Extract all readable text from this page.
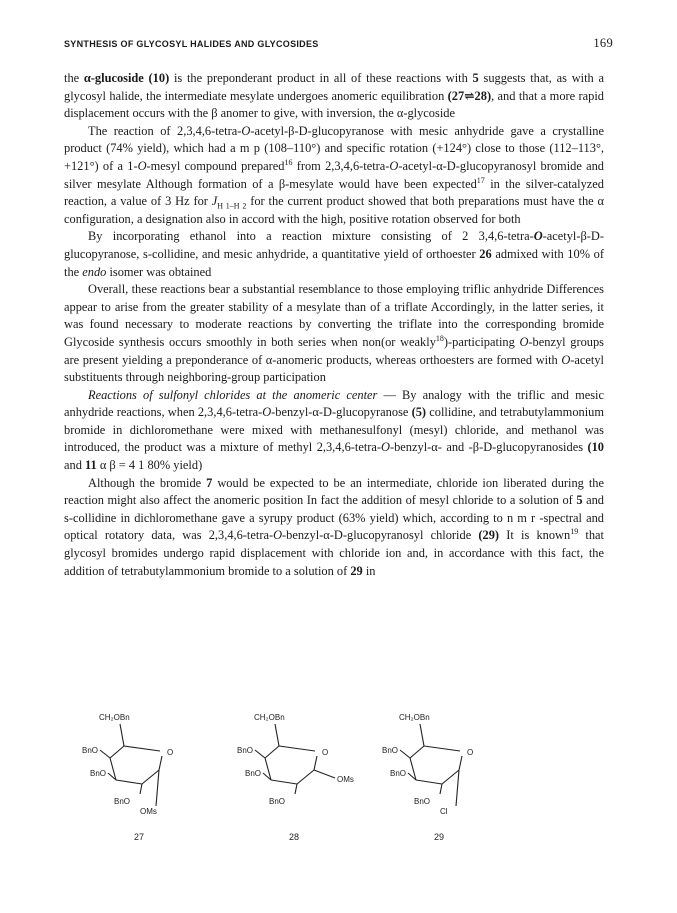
SYNTHESIS OF GLYCOSYL HALIDES AND GLYCOSIDES	169

the α-glucoside (10) is the preponderant product in all of these reactions with 5 suggests that, as with a glycosyl halide, the intermediate mesylate undergoes anomeric equilibration (27⇌28), and that a more rapid displacement occurs with the β anomer to give, with inversion, the α-glycoside

The reaction of 2,3,4,6-tetra-O-acetyl-β-D-glucopyranose with mesic anhydride gave a crystalline product (74% yield), which had a m p (108–110°) and specific rotation (+124°) close to those (112–113°, +121°) of a 1-O-mesyl compound prepared$^{16}$ from 2,3,4,6-tetra-O-acetyl-α-D-glucopyranosyl bromide and silver mesylate Although formation of a β-mesylate would have been expected$^{17}$ in the silver-catalyzed reaction, a value of 3 Hz for $J_{H 1-H 2}$ for the current product showed that both preparations must have the α configuration, a designation also in accord with the high, positive rotation observed for both

By incorporating ethanol into a reaction mixture consisting of 2 3,4,6-tetra-O-acetyl-β-D-glucopyranose, s-collidine, and mesic anhydride, a quantitative yield of orthoester 26 admixed with 10% of the endo isomer was obtained

Overall, these reactions bear a substantial resemblance to those employing triflic anhydride Differences appear to arise from the greater stability of a mesylate than of a triflate Accordingly, in the latter series, it was found necessary to moderate reactions by converting the triflate into the corresponding bromide Glycoside synthesis occurs smoothly in both series when non(or weakly$^{18}$)-participating O-benzyl groups are present yielding a preponderance of α-anomeric products, whereas orthoesters are formed with O-acetyl substituents through neighboring-group participation

Reactions of sulfonyl chlorides at the anomeric center — By analogy with the triflic and mesic anhydride reactions, when 2,3,4,6-tetra-O-benzyl-α-D-glucopyranose (5) collidine, and tetrabutylammonium bromide in dichloromethane were mixed with methanesulfonyl (mesyl) chloride, and methanol was introduced, the product was a mixture of methyl 2,3,4,6-tetra-O-benzyl-α- and -β-D-glucopyranosides (10 and 11 α β = 4 1 80% yield)

Although the bromide 7 would be expected to be an intermediate, chloride ion liberated during the reaction might also affect the anomeric position In fact the addition of mesyl chloride to a solution of 5 and s-collidine in dichloromethane gave a syrupy product (63% yield) which, according to n m r -spectral and optical rotatory data, was 2,3,4,6-tetra-O-benzyl-α-D-glucopyranosyl chloride (29) It is known$^{19}$ that glycosyl bromides undergo rapid displacement with chloride ion and, in accordance with this fact, the addition of tetrabutylammonium bromide to a solution of 29 in

CH₂OBn
BnO
BnO
BnO
O
OMs
27
CH₂OBn
BnO
BnO
BnO
O
OMs
28
CH₂OBn
BnO
BnO
BnO
O
Cl
29
